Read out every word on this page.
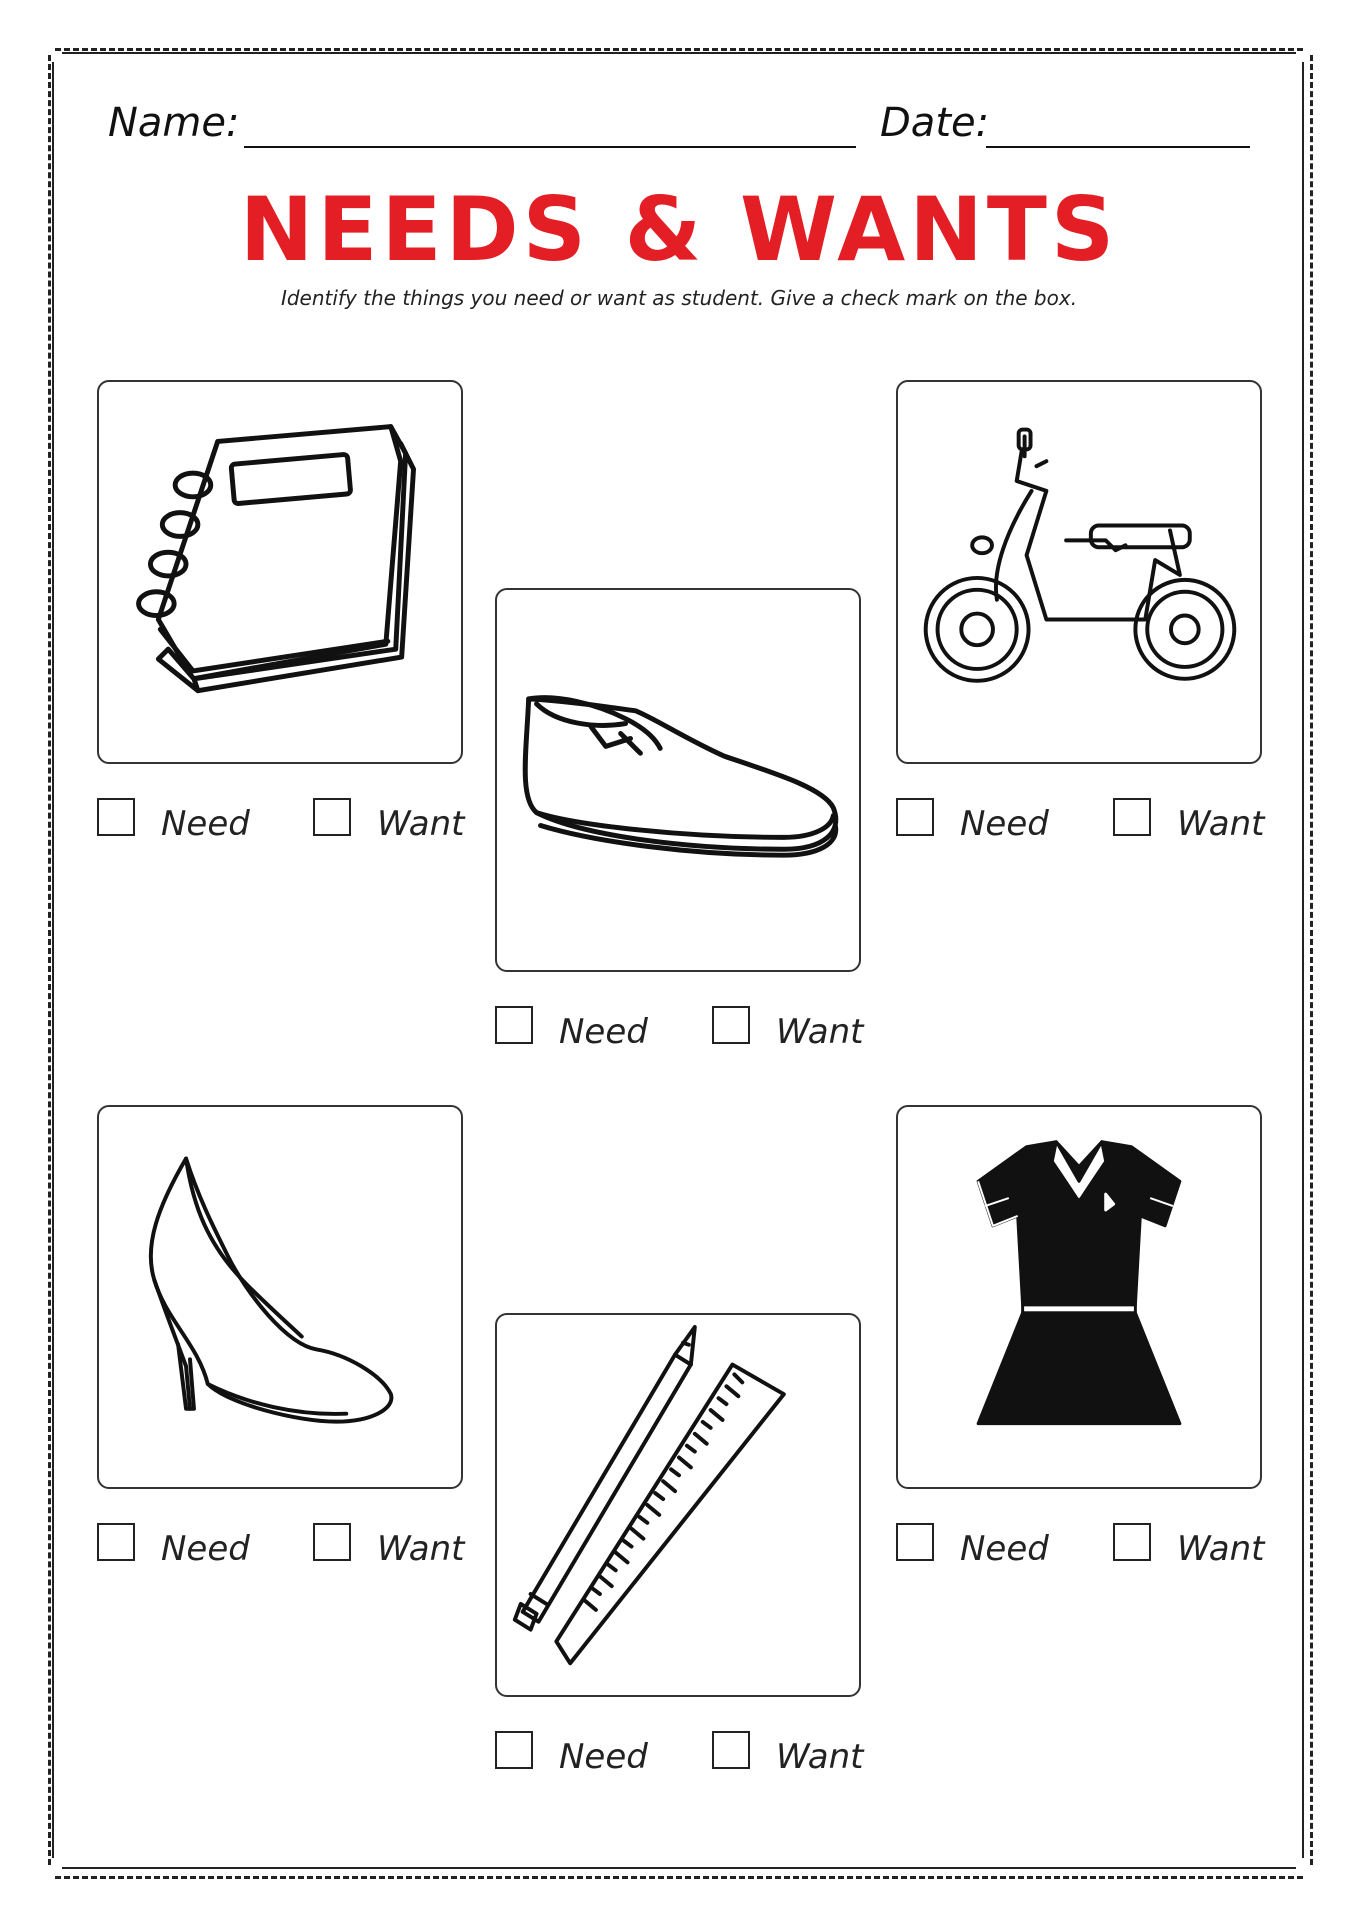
Name:	Date:
NEEDS & WANTS
Identify the things you need or want as student. Give a check mark on the box.
Need	Want
Need	Want
Need	Want
Need	Want
Need	Want
Need	Want
